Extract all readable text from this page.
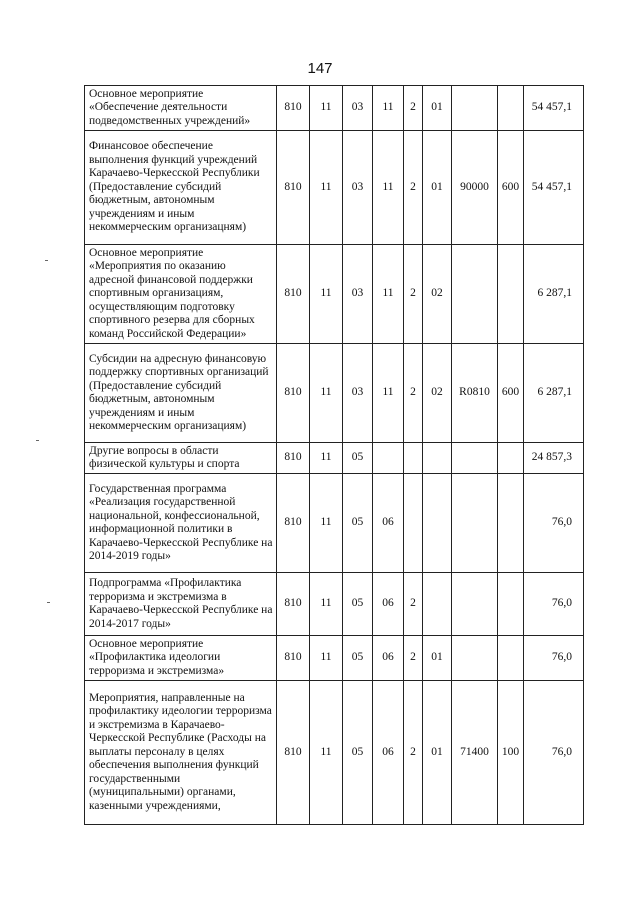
147
Основное мероприятие «Обеспечение деятельности подведомственных учреждений»	810	11	03	11	2	01			54 457,1
Финансовое обеспечение выполнения функций учреждений Карачаево-Черкесской Республики (Предоставление субсидий бюджетным, автономным учреждениям и иным некоммерческим организацням)	810	11	03	11	2	01	90000	600	54 457,1
Основное мероприятие «Мероприятия по оказанию адресной финансовой поддержки спортивным организациям, осуществляющим подготовку спортивного резерва для сборных команд Российской Федерации»	810	11	03	11	2	02			6 287,1
Субсидии на адресную финансовую поддержку спортивных организаций (Предоставление субсидий бюджетным, автономным учреждениям и иным некоммерческим организациям)	810	11	03	11	2	02	R0810	600	6 287,1
Другие вопросы в области физической культуры и спорта	810	11	05						24 857,3
Государственная программа «Реализация государственной национальной, конфессиональной, информационной политики в Карачаево-Черкесской Республике на 2014-2019 годы»	810	11	05	06					76,0
Подпрограмма «Профилактика терроризма и экстремизма в Карачаево-Черкесской Республике на 2014-2017 годы»	810	11	05	06	2				76,0
Основное мероприятие «Профилактика идеологии терроризма и экстремизма»	810	11	05	06	2	01			76,0
Мероприятия, направленные на профилактику идеологии терроризма и экстремизма в Карачаево-Черкесской Республике (Расходы на выплаты персоналу в целях обеспечения выполнения функций государственными (муниципальными) органами, казенными учреждениями,	810	11	05	06	2	01	71400	100	76,0
